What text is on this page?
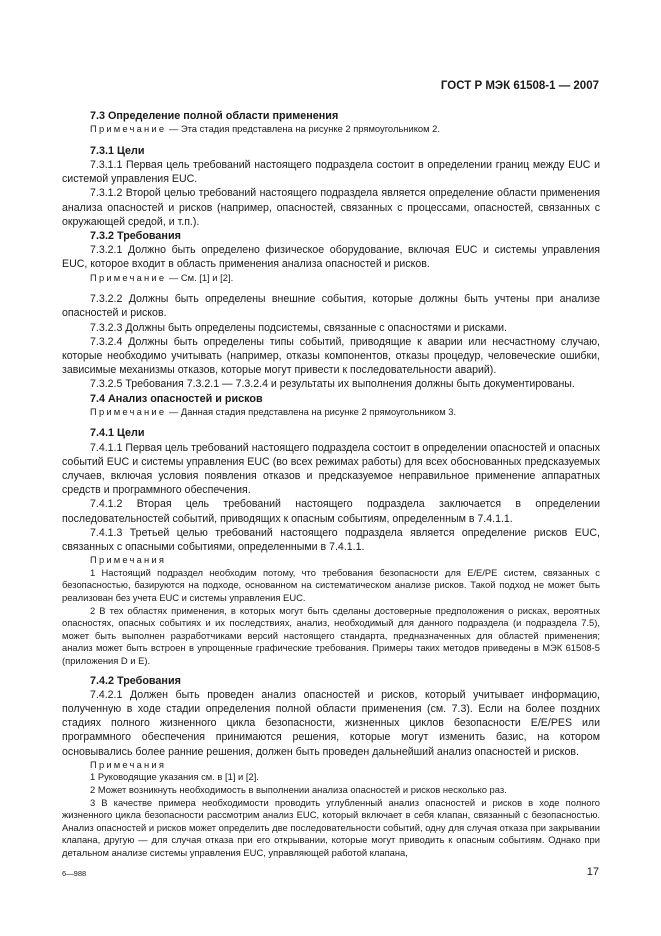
ГОСТ Р МЭК 61508-1 — 2007

7.3 Определение полной области применения

Примечание — Эта стадия представлена на рисунке 2 прямоугольником 2.

7.3.1 Цели

7.3.1.1 Первая цель требований настоящего подраздела состоит в определении границ между EUC и системой управления EUC.

7.3.1.2 Второй целью требований настоящего подраздела является определение области применения анализа опасностей и рисков (например, опасностей, связанных с процессами, опасностей, связанных с окружающей средой, и т.п.).

7.3.2 Требования

7.3.2.1 Должно быть определено физическое оборудование, включая EUC и системы управления EUC, которое входит в область применения анализа опасностей и рисков.

Примечание — См. [1] и [2].

7.3.2.2 Должны быть определены внешние события, которые должны быть учтены при анализе опасностей и рисков.

7.3.2.3 Должны быть определены подсистемы, связанные с опасностями и рисками.

7.3.2.4 Должны быть определены типы событий, приводящие к аварии или несчастному случаю, которые необходимо учитывать (например, отказы компонентов, отказы процедур, человеческие ошибки, зависимые механизмы отказов, которые могут привести к последовательности аварий).

7.3.2.5 Требования 7.3.2.1 — 7.3.2.4 и результаты их выполнения должны быть документированы.

7.4 Анализ опасностей и рисков

Примечание — Данная стадия представлена на рисунке 2 прямоугольником 3.

7.4.1 Цели

7.4.1.1 Первая цель требований настоящего подраздела состоит в определении опасностей и опасных событий EUC и системы управления EUC (во всех режимах работы) для всех обоснованных предсказуемых случаев, включая условия появления отказов и предсказуемое неправильное применение аппаратных средств и программного обеспечения.

7.4.1.2 Вторая цель требований настоящего подраздела заключается в определении последовательностей событий, приводящих к опасным событиям, определенным в 7.4.1.1.

7.4.1.3 Третьей целью требований настоящего подраздела является определение рисков EUC, связанных с опасными событиями, определенными в 7.4.1.1.

Примечания

1 Настоящий подраздел необходим потому, что требования безопасности для E/E/PE систем, связанных с безопасностью, базируются на подходе, основанном на систематическом анализе рисков. Такой подход не может быть реализован без учета EUC и системы управления EUC.

2 В тех областях применения, в которых могут быть сделаны достоверные предположения о рисках, вероятных опасностях, опасных событиях и их последствиях, анализ, необходимый для данного подраздела (и подраздела 7.5), может быть выполнен разработчиками версий настоящего стандарта, предназначенных для областей применения; анализ может быть встроен в упрощенные графические требования. Примеры таких методов приведены в МЭК 61508-5 (приложения D и E).

7.4.2 Требования

7.4.2.1 Должен быть проведен анализ опасностей и рисков, который учитывает информацию, полученную в ходе стадии определения полной области применения (см. 7.3). Если на более поздних стадиях полного жизненного цикла безопасности, жизненных циклов безопасности E/E/PES или программного обеспечения принимаются решения, которые могут изменить базис, на котором основывались более ранние решения, должен быть проведен дальнейший анализ опасностей и рисков.

Примечания

1 Руководящие указания см. в [1] и [2].

2 Может возникнуть необходимость в выполнении анализа опасностей и рисков несколько раз.

3 В качестве примера необходимости проводить углубленный анализ опасностей и рисков в ходе полного жизненного цикла безопасности рассмотрим анализ EUC, который включает в себя клапан, связанный с безопасностью. Анализ опасностей и рисков может определить две последовательности событий, одну для случая отказа при закрывании клапана, другую — для случая отказа при его открывании, которые могут приводить к опасным событиям. Однако при детальном анализе системы управления EUC, управляющей работой клапана,

6—988	17
